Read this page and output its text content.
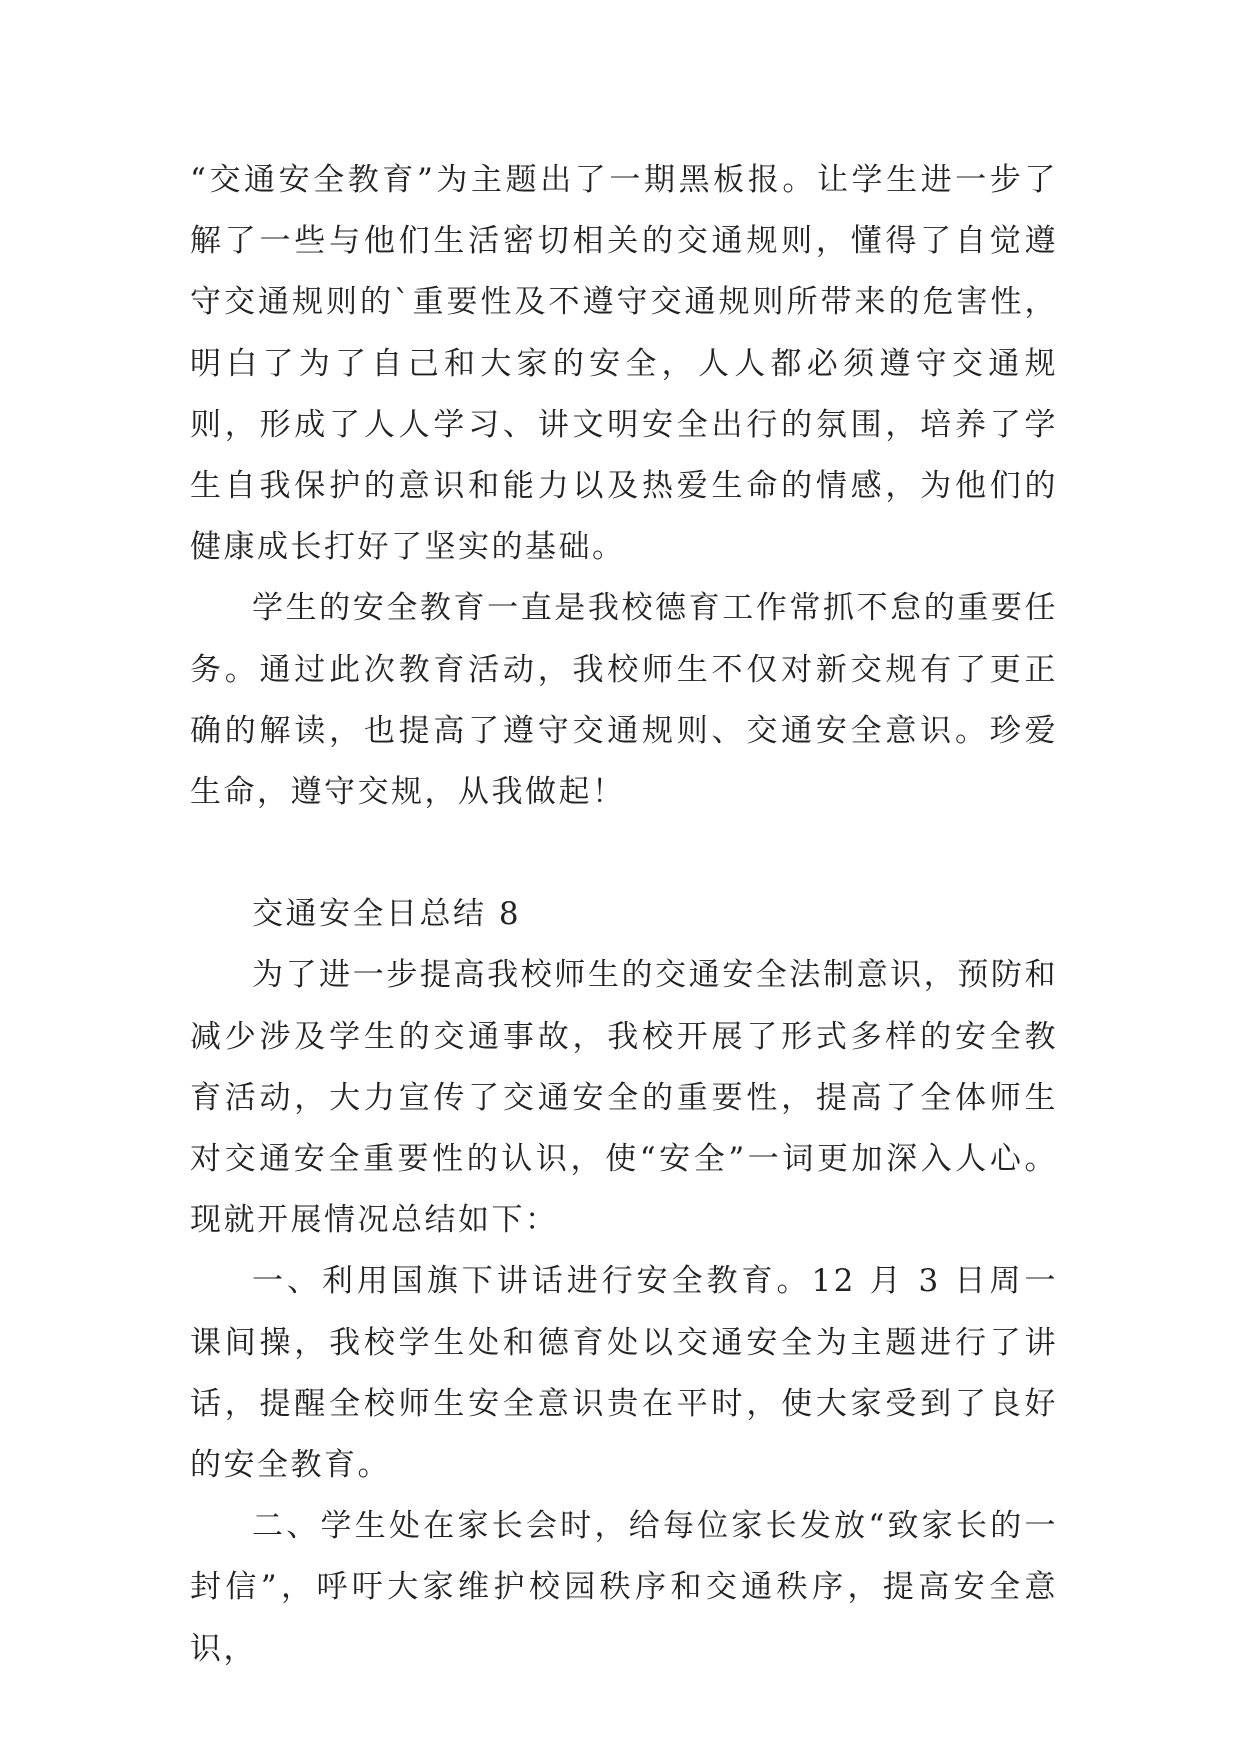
“交通安全教育”为主题出了一期黑板报。让学生进一步了解了一些与他们生活密切相关的交通规则，懂得了自觉遵守交通规则的`重要性及不遵守交通规则所带来的危害性，明白了为了自己和大家的安全，人人都必须遵守交通规则，形成了人人学习、讲文明安全出行的氛围，培养了学生自我保护的意识和能力以及热爱生命的情感，为他们的健康成长打好了坚实的基础。

学生的安全教育一直是我校德育工作常抓不怠的重要任务。通过此次教育活动，我校师生不仅对新交规有了更正确的解读，也提高了遵守交通规则、交通安全意识。珍爱生命，遵守交规，从我做起！

交通安全日总结 8

为了进一步提高我校师生的交通安全法制意识，预防和减少涉及学生的交通事故，我校开展了形式多样的安全教育活动，大力宣传了交通安全的重要性，提高了全体师生对交通安全重要性的认识，使“安全”一词更加深入人心。现就开展情况总结如下：

一、利用国旗下讲话进行安全教育。12 月 3 日周一课间操，我校学生处和德育处以交通安全为主题进行了讲话，提醒全校师生安全意识贵在平时，使大家受到了良好的安全教育。

二、学生处在家长会时，给每位家长发放“致家长的一封信”，呼吁大家维护校园秩序和交通秩序，提高安全意识，
